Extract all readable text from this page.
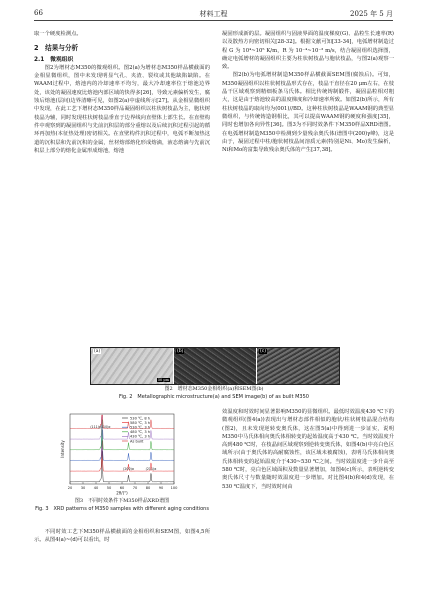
66	材料工程	2025 年 5 月

取一个硬度检测点。

2　结果与分析

2.1　微观组织

图2为增材态M350的微观组织。图2(a)为增材态M350样品横截面的金相显微组织，图中未发现明显气孔、夹渣、裂纹或其他缺陷缺陷。在WAAM过程中，熔池内的冷却速率不均匀，最大冷却速率位于熔池边界处，该处的凝固速度比熔池内部区域的快得多[26]，导致元素偏析发生，腐蚀后熔池(层间)边界清晰可见，如图2(a)中虚线所示[27]。从金相显微组织中发现，在此工艺下增材态M350样品凝固组织以柱状树枝晶为主，胞状树枝晶为辅，同时发现柱状树枝晶垂直于边界线向直壁体上部生长。在直壁构件中观察到的凝固组织与先前沉积层的部分重熔以及后续沉积过程引起的循环再加热(本征热处理)密切相关。在直壁构件沉积过程中，电弧不断加热这道的沉积层和先前沉积的金属，丝材熔部熔化形成熔滴，液态熔滴与先前沉积层上部分的熔化金属形成熔池，熔池

凝固形成新的层。凝固组织与固液界面的温度梯度(G)、晶粒生长速率(R)以及散热方向密切相关[28-32]。根据文献可知[33-34]，电弧增材制造过程 G 为 10⁴~10⁵ K/m，R 为 10⁻⁴~10⁻³ m/s，结合凝固组织选择图，确定电弧增材的凝固组织主要为柱状树枝晶与胞状枝晶，与图2(a)观察一致。

图2(b)为电弧增材制造M350样品横截面SEM图(腐蚀后)。可知，M350凝固组织以柱状树枝晶形式存在，枝晶干直径在20 μm左右，在枝晶干区域观察到精细板条马氏体。相比传统铸制锻件，凝固晶粒相对粗大，这是由于熔池较高的温度梯度和冷却速率所致。如图2(b)所示，所有柱状树枝晶的取向均为(001)//BD。这种柱状树枝晶是WAAM钢的典型显微组织，与传统铸造钢相比，其可以提高WAAM钢的硬度和强度[35]，同时也增加各向异性[36]。图3为不同时效条件下M350样品XRD谱图。在电弧增材制造M350中检测到少量残余奥氏体(谱图中(200)γ峰)，这是由于，凝固过程中柱/胞状树枝晶间溶质元素(特别是Ni、Mo)发生偏析，Ni和Mo的富集导致残余奥氏体的产生[37,38]。

(a)
50 μm
(b)	(c)
图2　增材态M350金相组织(a)和SEM图(b)
Fig. 2　Metallographic microstructure(a) and SEM image(b) of as built M350
20 30 40 50 60 70 80 90 100
2θ/(°)
Intensity
530 ℃, 8 h
580 ℃, 3 h
530 ℃, 3 h
480 ℃, 3 h
430 ℃, 3 h
As built
(111)γ
(110)α
(200)α	(211)α
图3　不同时效条件下M350样品XRD谱图
Fig. 3　XRD patterns of M350 samples with different aging conditions

不同时效工艺下M350样品横截面的金相组织和SEM图，如图4,5所示。从图4(a)~(d)可以看出，时

效温度和时效时间显著影响M350的显微组织。最低时效温度430 ℃下的微观组织(图4(a))表现出与增材态部件相似的胞状/柱状树枝晶混合结构(图2)，且未发现逆转变奥氏体，这在图5(a)中得到进一步证实，说明M350中马氏体相向奥氏体相转变的起始温度高于430 ℃。当时效温度升高到480 ℃时，在枝晶间区域观察到逆转变奥氏体，如图4(b)中亮白色区域所示(由于奥氏体的高耐腐蚀性，该区域未被腐蚀)，表明马氏体相向奥氏体相转变的起始温度介于430~530 ℃之间。当时效温度进一步升高至580 ℃时，亮白色区域面积及数量显著增加，如图4(c)所示，表明逆转变奥氏体尺寸与数量随时效温度进一步增加。对比图4(b)和4(d)发现，在530 ℃温度下，当时效时间由
